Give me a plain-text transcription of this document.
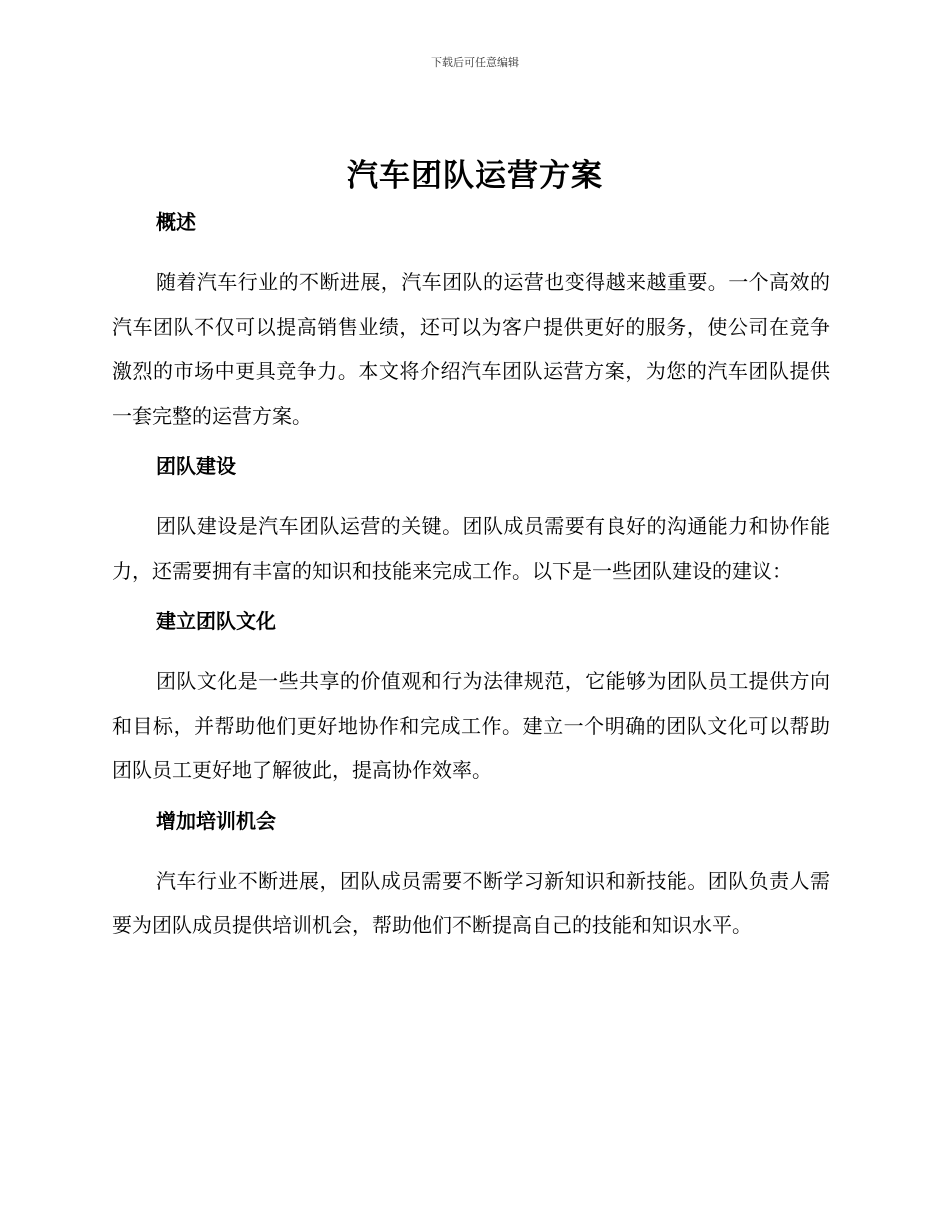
下载后可任意编辑
汽车团队运营方案
概述

随着汽车行业的不断进展，汽车团队的运营也变得越来越重要。一个高效的汽车团队不仅可以提高销售业绩，还可以为客户提供更好的服务，使公司在竞争激烈的市场中更具竞争力。本文将介绍汽车团队运营方案，为您的汽车团队提供一套完整的运营方案。

团队建设

团队建设是汽车团队运营的关键。团队成员需要有良好的沟通能力和协作能力，还需要拥有丰富的知识和技能来完成工作。以下是一些团队建设的建议：

建立团队文化

团队文化是一些共享的价值观和行为法律规范，它能够为团队员工提供方向和目标，并帮助他们更好地协作和完成工作。建立一个明确的团队文化可以帮助团队员工更好地了解彼此，提高协作效率。

增加培训机会

汽车行业不断进展，团队成员需要不断学习新知识和新技能。团队负责人需要为团队成员提供培训机会，帮助他们不断提高自己的技能和知识水平。
